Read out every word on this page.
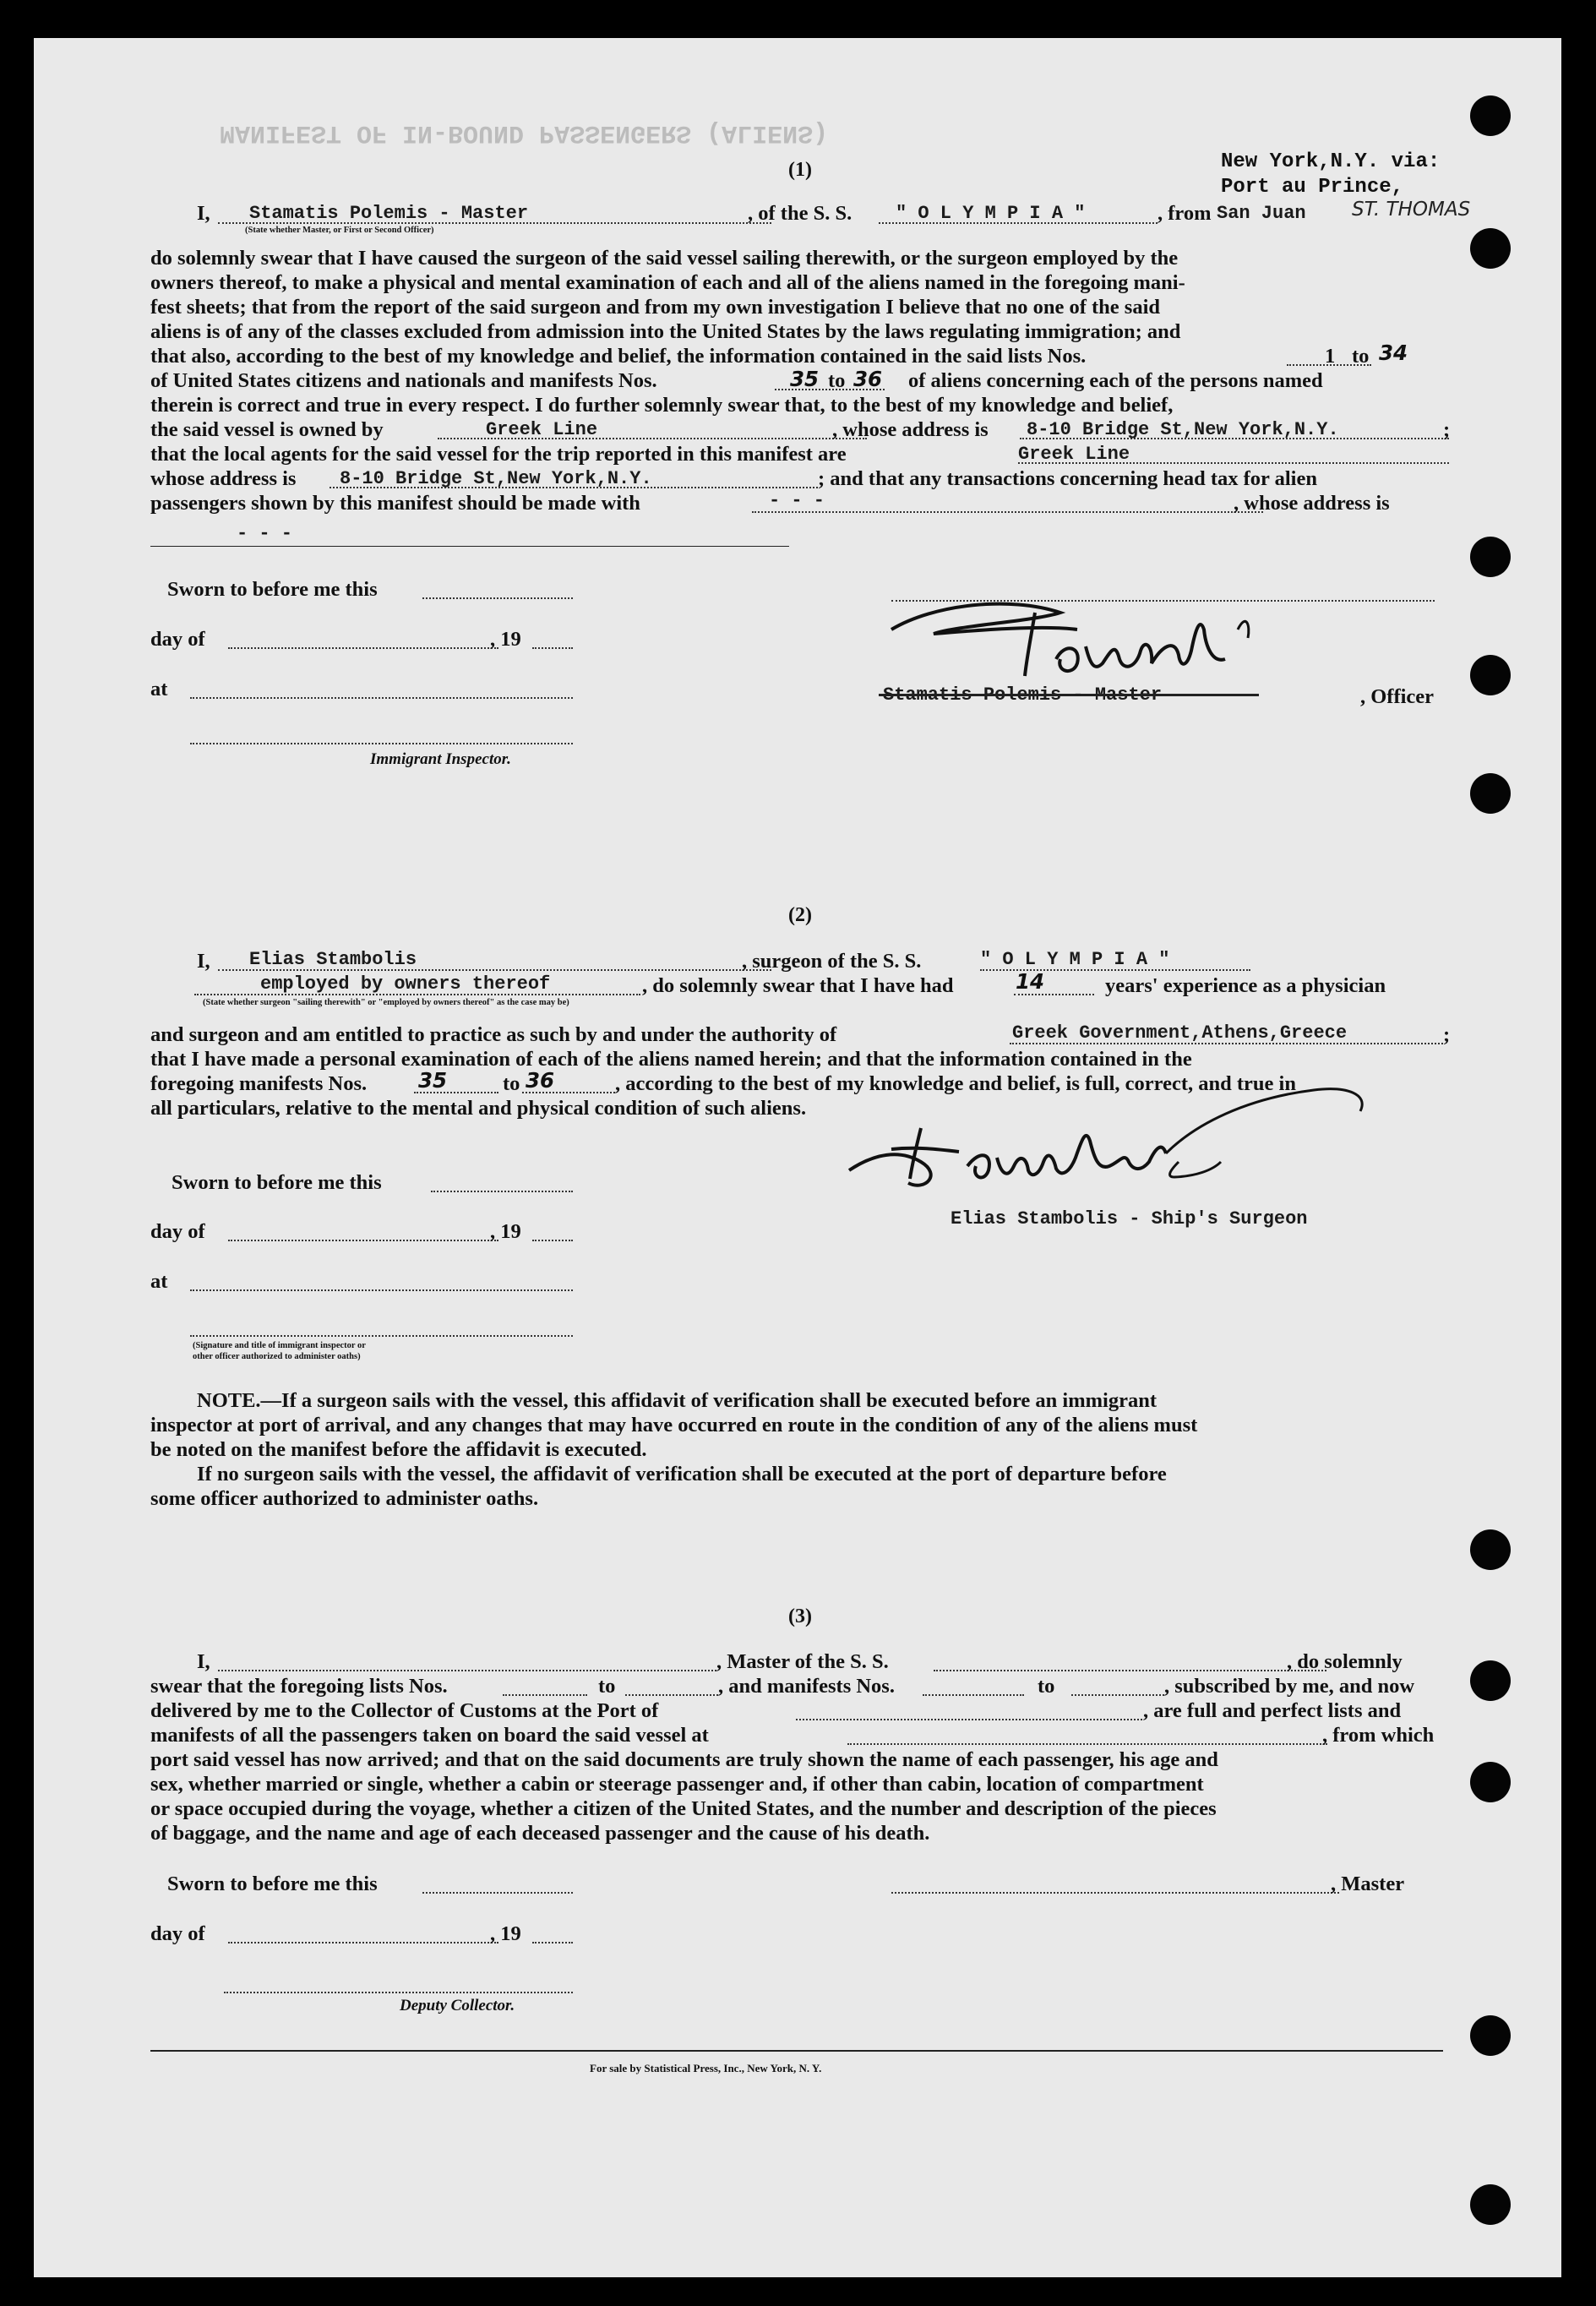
MANIFEST OF IN-BOUND PASSENGERS (ALIENS)
New York,N.Y. via:
Port au Prince,
(1)
I, Stamatis Polemis - Master	, of the S. S. " O L Y M P I A "	, from San Juan ST. THOMAS
(State whether Master, or First or Second Officer)
do solemnly swear that I have caused the surgeon of the said vessel sailing therewith, or the surgeon employed by the
owners thereof, to make a physical and mental examination of each and all of the aliens named in the foregoing mani-
fest sheets; that from the report of the said surgeon and from my own investigation I believe that no one of the said
aliens is of any of the classes excluded from admission into the United States by the laws regulating immigration; and
that also, according to the best of my knowledge and belief, the information contained in the said lists Nos.	1 to 34
of United States citizens and nationals and manifests Nos.	35 to 36 of aliens concerning each of the persons named
therein is correct and true in every respect. I do further solemnly swear that, to the best of my knowledge and belief,
the said vessel is owned by	Greek Line	, whose address is 8-10 Bridge St,New York,N.Y.	;
that the local agents for the said vessel for the trip reported in this manifest are	Greek Line
whose address is 8-10 Bridge St,New York,N.Y.	; and that any transactions concerning head tax for alien
passengers shown by this manifest should be made with	- - -	, whose address is
- - -
Sworn to before me this
day of	, 19
at
Immigrant Inspector.
Stamatis Polemis - Master	, Officer
(2)
I, Elias Stambolis	, surgeon of the S. S.	" O L Y M P I A "
employed by owners thereof	, do solemnly swear that I have had	14	years' experience as a physician
(State whether surgeon "sailing therewith" or "employed by owners thereof" as the case may be)
and surgeon and am entitled to practice as such by and under the authority of	Greek Government,Athens,Greece	;
that I have made a personal examination of each of the aliens named herein; and that the information contained in the
foregoing manifests Nos. 35	to 36	, according to the best of my knowledge and belief, is full, correct, and true in
all particulars, relative to the mental and physical condition of such aliens.
Sworn to before me this
day of	, 19
at
(Signature and title of immigrant inspector or
other officer authorized to administer oaths)
Elias Stambolis - Ship's Surgeon
NOTE.—If a surgeon sails with the vessel, this affidavit of verification shall be executed before an immigrant
inspector at port of arrival, and any changes that may have occurred en route in the condition of any of the aliens must
be noted on the manifest before the affidavit is executed.
If no surgeon sails with the vessel, the affidavit of verification shall be executed at the port of departure before
some officer authorized to administer oaths.
(3)
I,	, Master of the S. S.	, do solemnly
swear that the foregoing lists Nos.	to	, and manifests Nos.	to	, subscribed by me, and now
delivered by me to the Collector of Customs at the Port of	, are full and perfect lists and
manifests of all the passengers taken on board the said vessel at	, from which
port said vessel has now arrived; and that on the said documents are truly shown the name of each passenger, his age and
sex, whether married or single, whether a cabin or steerage passenger and, if other than cabin, location of compartment
or space occupied during the voyage, whether a citizen of the United States, and the number and description of the pieces
of baggage, and the name and age of each deceased passenger and the cause of his death.
Sworn to before me this	, Master
day of	, 19
Deputy Collector.
For sale by Statistical Press, Inc., New York, N. Y.
